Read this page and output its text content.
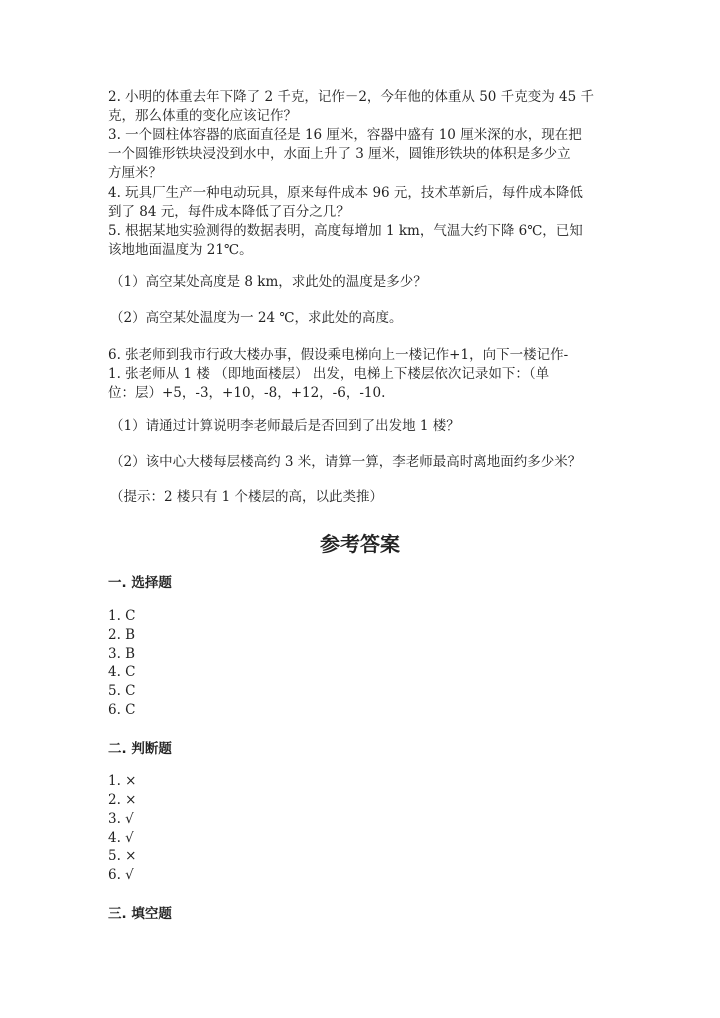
2. 小明的体重去年下降了 2 千克，记作－2，今年他的体重从 50 千克变为 45 千
克，那么体重的变化应该记作？
3. 一个圆柱体容器的底面直径是 16 厘米，容器中盛有 10 厘米深的水，现在把
一个圆锥形铁块浸没到水中，水面上升了 3 厘米，圆锥形铁块的体积是多少立
方厘米？
4. 玩具厂生产一种电动玩具，原来每件成本 96 元，技术革新后，每件成本降低
到了 84 元，每件成本降低了百分之几？
5. 根据某地实验测得的数据表明，高度每增加 1 km，气温大约下降 6℃，已知
该地地面温度为 21℃。
（1）高空某处高度是 8 km，求此处的温度是多少？
（2）高空某处温度为一 24 ℃，求此处的高度。
6. 张老师到我市行政大楼办事，假设乘电梯向上一楼记作+1，向下一楼记作-
1. 张老师从 1 楼 （即地面楼层） 出发，电梯上下楼层依次记录如下：（单
位：层）+5，-3，+10，-8，+12，-6，-10.
（1）请通过计算说明李老师最后是否回到了出发地 1 楼？
（2）该中心大楼每层楼高约 3 米，请算一算，李老师最高时离地面约多少米？
（提示：2 楼只有 1 个楼层的高，以此类推）
参考答案
一. 选择题
1. C
2. B
3. B
4. C
5. C
6. C
二. 判断题
1. ×
2. ×
3. √
4. √
5. ×
6. √
三. 填空题
